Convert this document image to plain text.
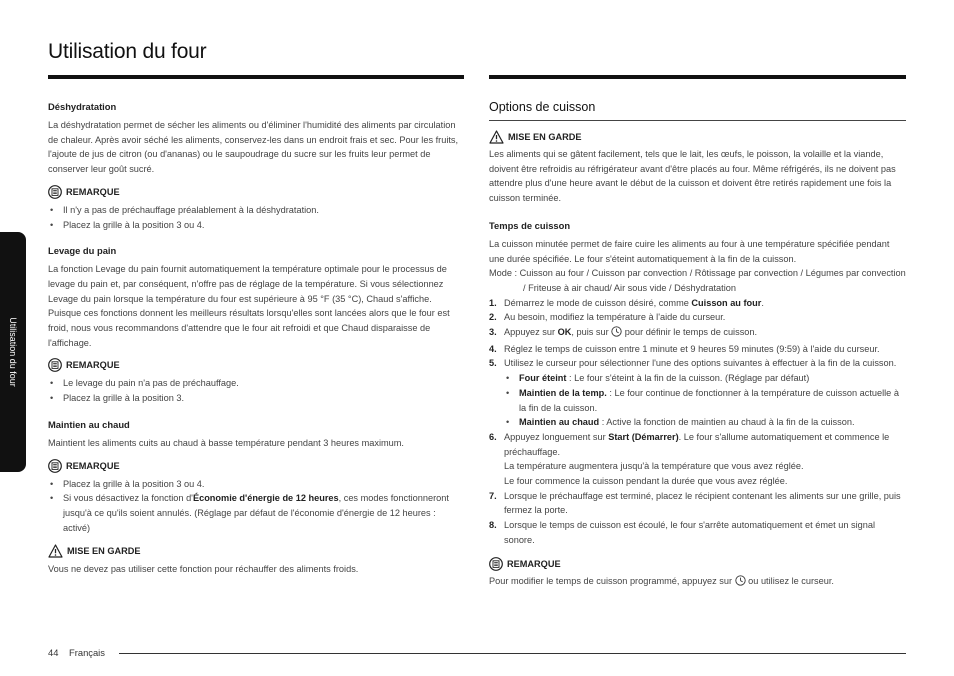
Utilisation du four
Utilisation du four
Déshydratation

La déshydratation permet de sécher les aliments ou d'éliminer l'humidité des aliments par circulation de chaleur. Après avoir séché les aliments, conservez-les dans un endroit frais et sec. Pour les fruits, l'ajoute de jus de citron (ou d'ananas) ou le saupoudrage du sucre sur les fruits leur permet de conserver leur goût sucré.

REMARQUE
• Il n'y a pas de préchauffage préalablement à la déshydratation.
• Placez la grille à la position 3 ou 4.
Levage du pain

La fonction Levage du pain fournit automatiquement la température optimale pour le processus de levage du pain et, par conséquent, n'offre pas de réglage de la température. Si vous sélectionnez Levage du pain lorsque la température du four est supérieure à 95 °F (35 °C), Chaud s'affiche. Puisque ces fonctions donnent les meilleurs résultats lorsqu'elles sont lancées alors que le four est froid, nous vous recommandons d'attendre que le four ait refroidi et que Chaud disparaisse de l'affichage.

REMARQUE
• Le levage du pain n'a pas de préchauffage.
• Placez la grille à la position 3.
Maintien au chaud

Maintient les aliments cuits au chaud à basse température pendant 3 heures maximum.

REMARQUE
• Placez la grille à la position 3 ou 4.
• Si vous désactivez la fonction d'Économie d'énergie de 12 heures, ces modes fonctionneront jusqu'à ce qu'ils soient annulés. (Réglage par défaut de l'économie d'énergie de 12 heures : activé)
MISE EN GARDE

Vous ne devez pas utiliser cette fonction pour réchauffer des aliments froids.

Options de cuisson
MISE EN GARDE

Les aliments qui se gâtent facilement, tels que le lait, les œufs, le poisson, la volaille et la viande, doivent être refroidis au réfrigérateur avant d'être placés au four. Même réfrigérés, ils ne doivent pas attendre plus d'une heure avant le début de la cuisson et doivent être retirés rapidement une fois la cuisson terminée.

Temps de cuisson

La cuisson minutée permet de faire cuire les aliments au four à une température spécifiée pendant une durée spécifiée. Le four s'éteint automatiquement à la fin de la cuisson.

Mode : Cuisson au four / Cuisson par convection / Rôtissage par convection / Légumes par convection / Friteuse à air chaud/ Air sous vide / Déshydratation

1. Démarrez le mode de cuisson désiré, comme Cuisson au four.
2. Au besoin, modifiez la température à l'aide du curseur.
3. Appuyez sur OK, puis sur  pour définir le temps de cuisson.
4. Réglez le temps de cuisson entre 1 minute et 9 heures 59 minutes (9:59) à l'aide du curseur.
5. Utilisez le curseur pour sélectionner l'une des options suivantes à effectuer à la fin de la cuisson.
• Four éteint : Le four s'éteint à la fin de la cuisson. (Réglage par défaut)
• Maintien de la temp. : Le four continue de fonctionner à la température de cuisson actuelle à la fin de la cuisson.
• Maintien au chaud : Active la fonction de maintien au chaud à la fin de la cuisson.
6. Appuyez longuement sur Start (Démarrer). Le four s'allume automatiquement et commence le préchauffage.
La température augmentera jusqu'à la température que vous avez réglée.
Le four commence la cuisson pendant la durée que vous avez réglée.
7. Lorsque le préchauffage est terminé, placez le récipient contenant les aliments sur une grille, puis fermez la porte.
8. Lorsque le temps de cuisson est écoulé, le four s'arrête automatiquement et émet un signal sonore.
REMARQUE

Pour modifier le temps de cuisson programmé, appuyez sur  ou utilisez le curseur.

44 Français
